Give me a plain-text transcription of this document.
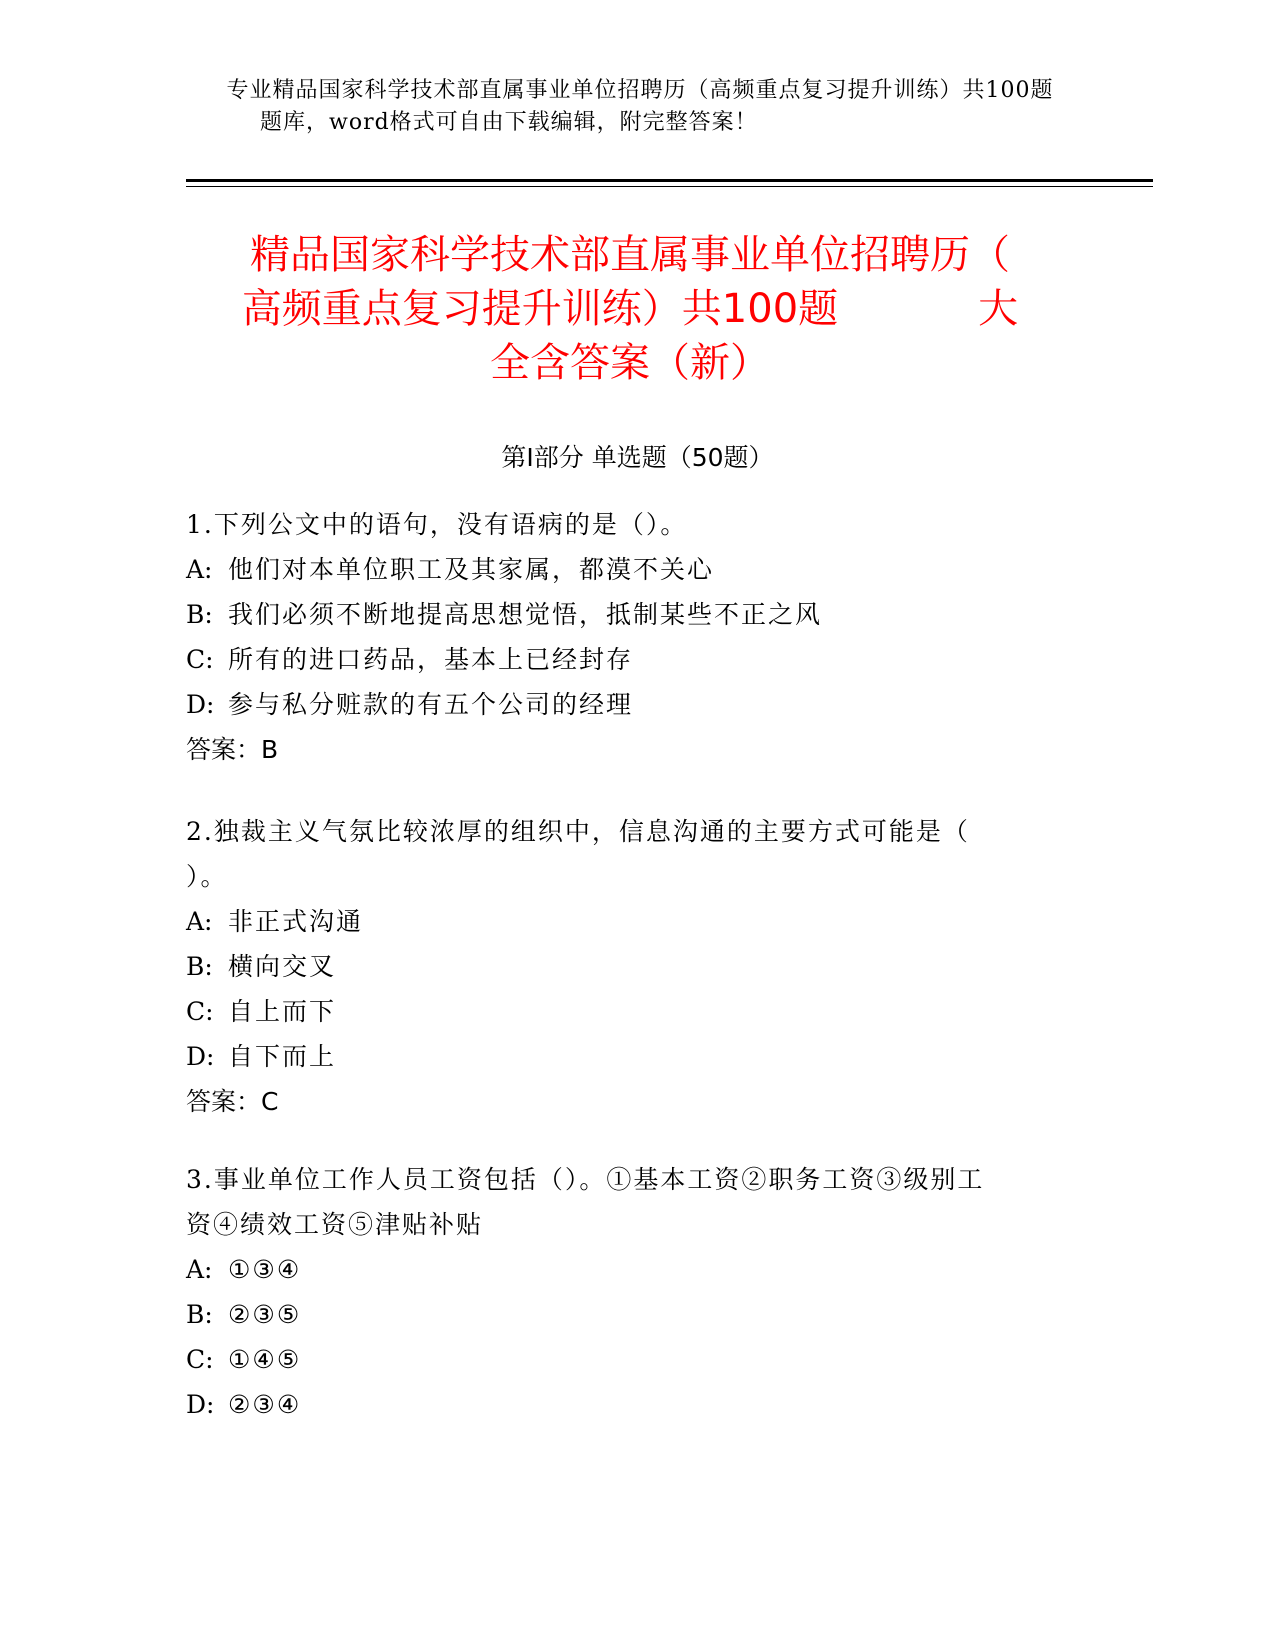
专业精品国家科学技术部直属事业单位招聘历（高频重点复习提升训练）共100题
题库，word格式可自由下载编辑，附完整答案！
精品国家科学技术部直属事业单位招聘历（
高频重点复习提升训练）共100题	大
全含答案（新）
第Ⅰ部分 单选题（50题）
1.下列公文中的语句，没有语病的是（）。
A: 他们对本单位职工及其家属，都漠不关心
B: 我们必须不断地提高思想觉悟，抵制某些不正之风
C: 所有的进口药品，基本上已经封存
D: 参与私分赃款的有五个公司的经理
答案：B
2.独裁主义气氛比较浓厚的组织中，信息沟通的主要方式可能是（
）。
A: 非正式沟通
B: 横向交叉
C: 自上而下
D: 自下而上
答案：C
3.事业单位工作人员工资包括（）。①基本工资②职务工资③级别工
资④绩效工资⑤津贴补贴
A: ①③④
B: ②③⑤
C: ①④⑤
D: ②③④
